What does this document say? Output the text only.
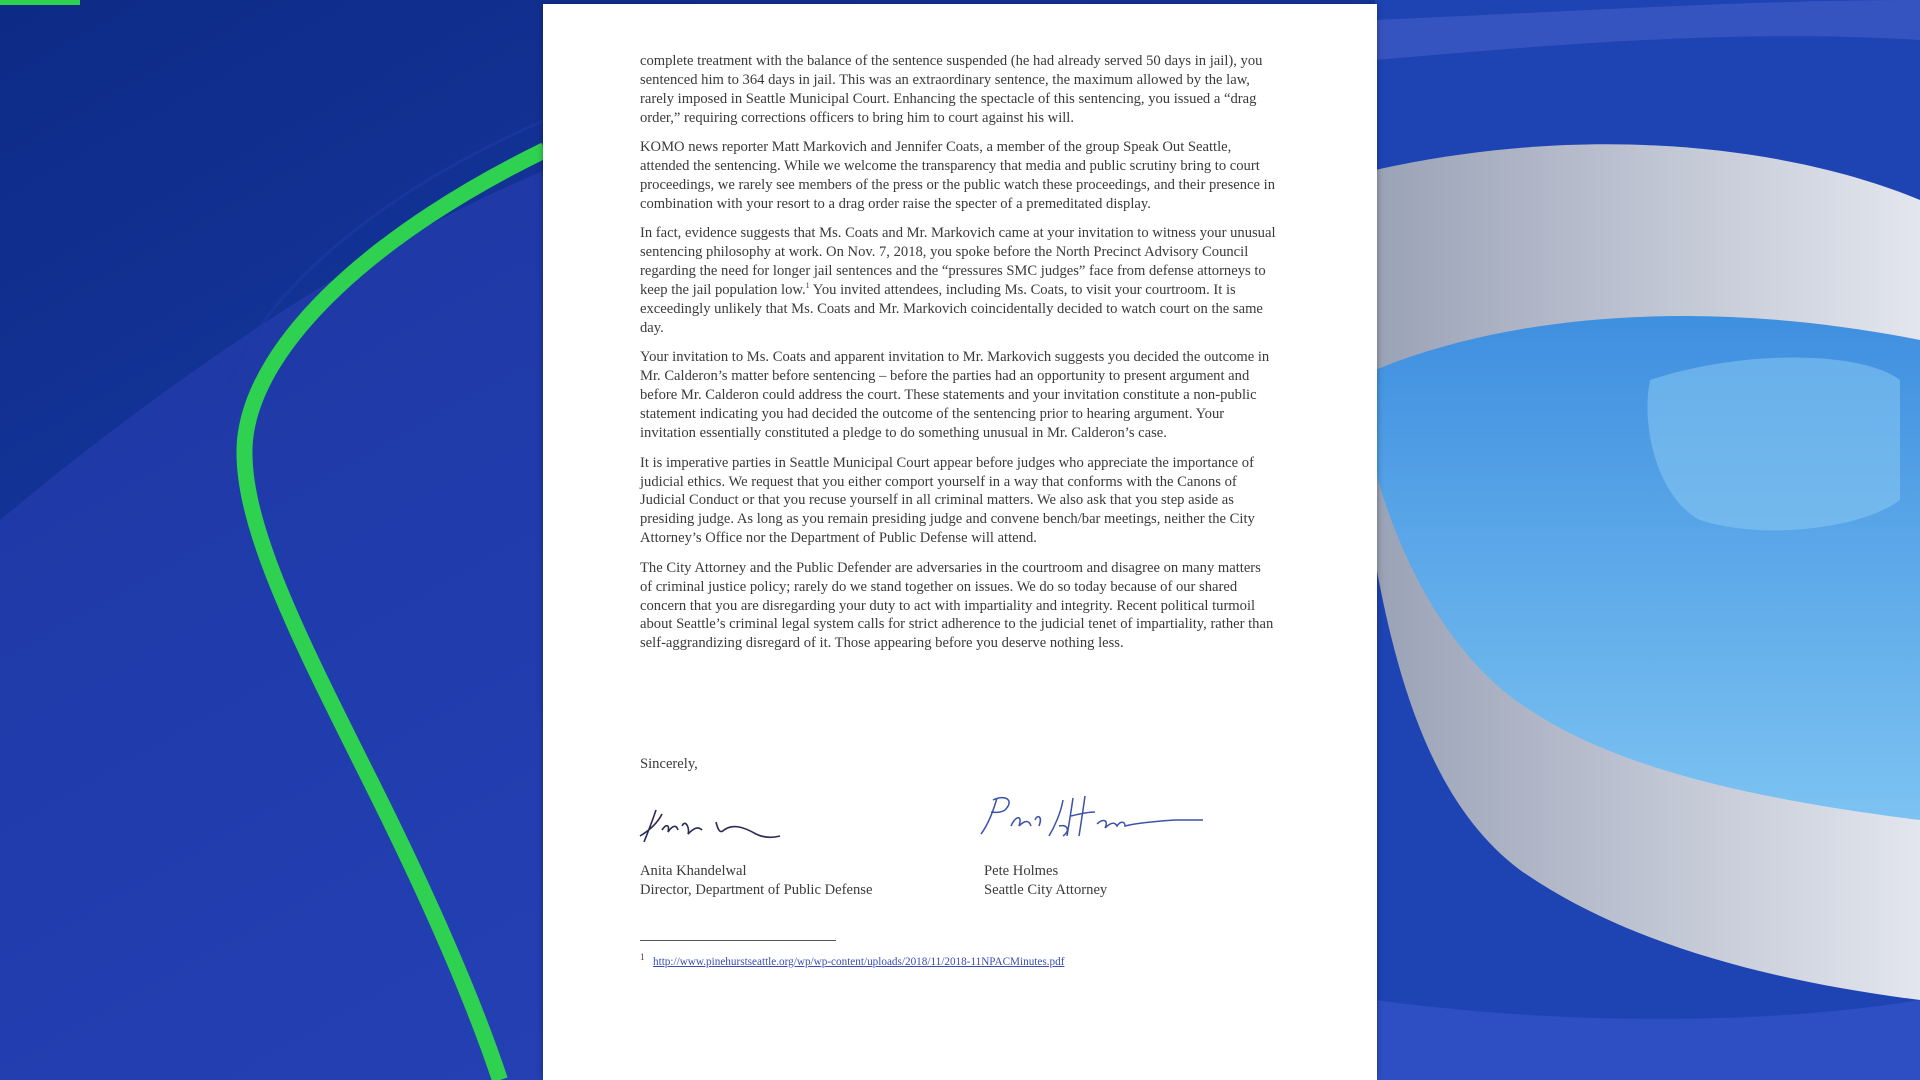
complete treatment with the balance of the sentence suspended (he had already served 50 days in jail), you sentenced him to 364 days in jail. This was an extraordinary sentence, the maximum allowed by the law, rarely imposed in Seattle Municipal Court. Enhancing the spectacle of this sentencing, you issued a “drag order,” requiring corrections officers to bring him to court against his will.

KOMO news reporter Matt Markovich and Jennifer Coats, a member of the group Speak Out Seattle, attended the sentencing. While we welcome the transparency that media and public scrutiny bring to court proceedings, we rarely see members of the press or the public watch these proceedings, and their presence in combination with your resort to a drag order raise the specter of a premeditated display.

In fact, evidence suggests that Ms. Coats and Mr. Markovich came at your invitation to witness your unusual sentencing philosophy at work. On Nov. 7, 2018, you spoke before the North Precinct Advisory Council regarding the need for longer jail sentences and the “pressures SMC judges” face from defense attorneys to keep the jail population low.$^1$ You invited attendees, including Ms. Coats, to visit your courtroom. It is exceedingly unlikely that Ms. Coats and Mr. Markovich coincidentally decided to watch court on the same day.

Your invitation to Ms. Coats and apparent invitation to Mr. Markovich suggests you decided the outcome in Mr. Calderon’s matter before sentencing – before the parties had an opportunity to present argument and before Mr. Calderon could address the court. These statements and your invitation constitute a non-public statement indicating you had decided the outcome of the sentencing prior to hearing argument. Your invitation essentially constituted a pledge to do something unusual in Mr. Calderon’s case.

It is imperative parties in Seattle Municipal Court appear before judges who appreciate the importance of judicial ethics. We request that you either comport yourself in a way that conforms with the Canons of Judicial Conduct or that you recuse yourself in all criminal matters. We also ask that you step aside as presiding judge. As long as you remain presiding judge and convene bench/bar meetings, neither the City Attorney’s Office nor the Department of Public Defense will attend.

The City Attorney and the Public Defender are adversaries in the courtroom and disagree on many matters of criminal justice policy; rarely do we stand together on issues. We do so today because of our shared concern that you are disregarding your duty to act with impartiality and integrity. Recent political turmoil about Seattle’s criminal legal system calls for strict adherence to the judicial tenet of impartiality, rather than self-aggrandizing disregard of it. Those appearing before you deserve nothing less.

Sincerely,
Anita Khandelwal
Director, Department of Public Defense
Pete Holmes
Seattle City Attorney
1 http://www.pinehurstseattle.org/wp/wp-content/uploads/2018/11/2018-11NPACMinutes.pdf
